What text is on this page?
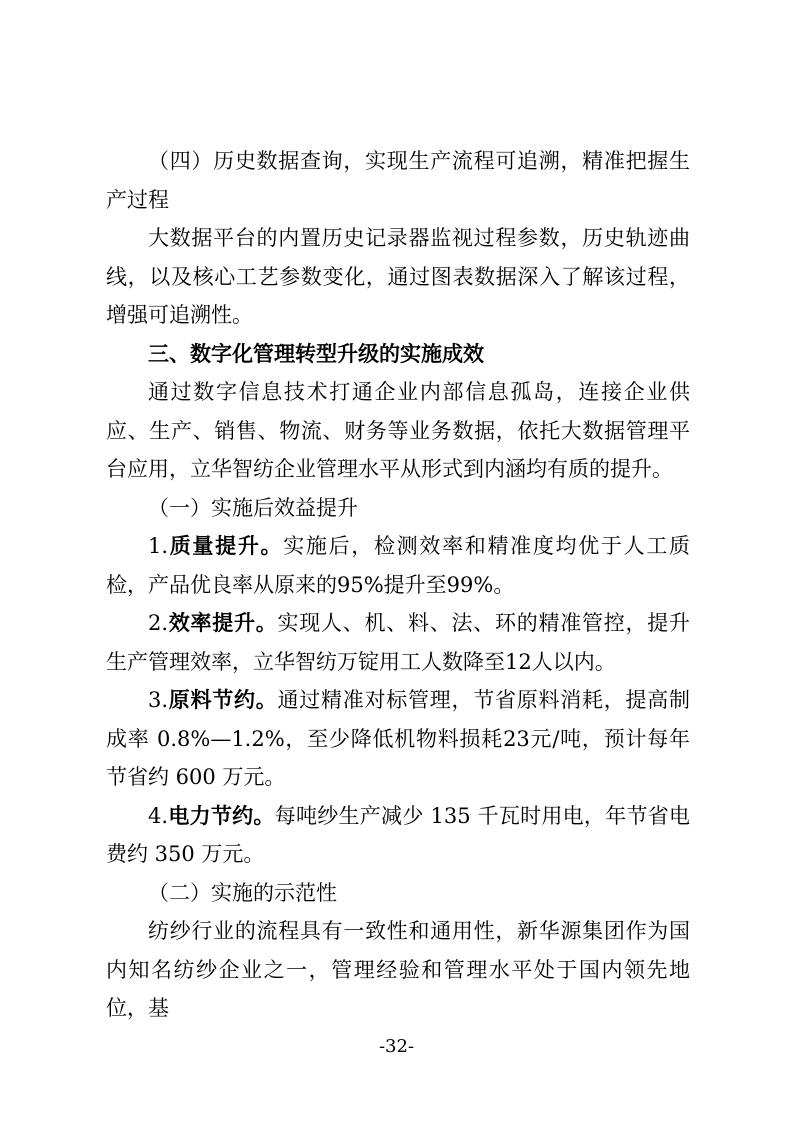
（四）历史数据查询，实现生产流程可追溯，精准把握生产过程

大数据平台的内置历史记录器监视过程参数，历史轨迹曲线，以及核心工艺参数变化，通过图表数据深入了解该过程，增强可追溯性。

三、数字化管理转型升级的实施成效

通过数字信息技术打通企业内部信息孤岛，连接企业供应、生产、销售、物流、财务等业务数据，依托大数据管理平台应用，立华智纺企业管理水平从形式到内涵均有质的提升。

（一）实施后效益提升

1.质量提升。实施后，检测效率和精准度均优于人工质检，产品优良率从原来的95%提升至99%。

2.效率提升。实现人、机、料、法、环的精准管控，提升生产管理效率，立华智纺万锭用工人数降至12人以内。

3.原料节约。通过精准对标管理，节省原料消耗，提高制成率 0.8%—1.2%，至少降低机物料损耗23元/吨，预计每年节省约 600 万元。

4.电力节约。每吨纱生产减少 135 千瓦时用电，年节省电费约 350 万元。

（二）实施的示范性

纺纱行业的流程具有一致性和通用性，新华源集团作为国内知名纺纱企业之一，管理经验和管理水平处于国内领先地位，基

-32-
